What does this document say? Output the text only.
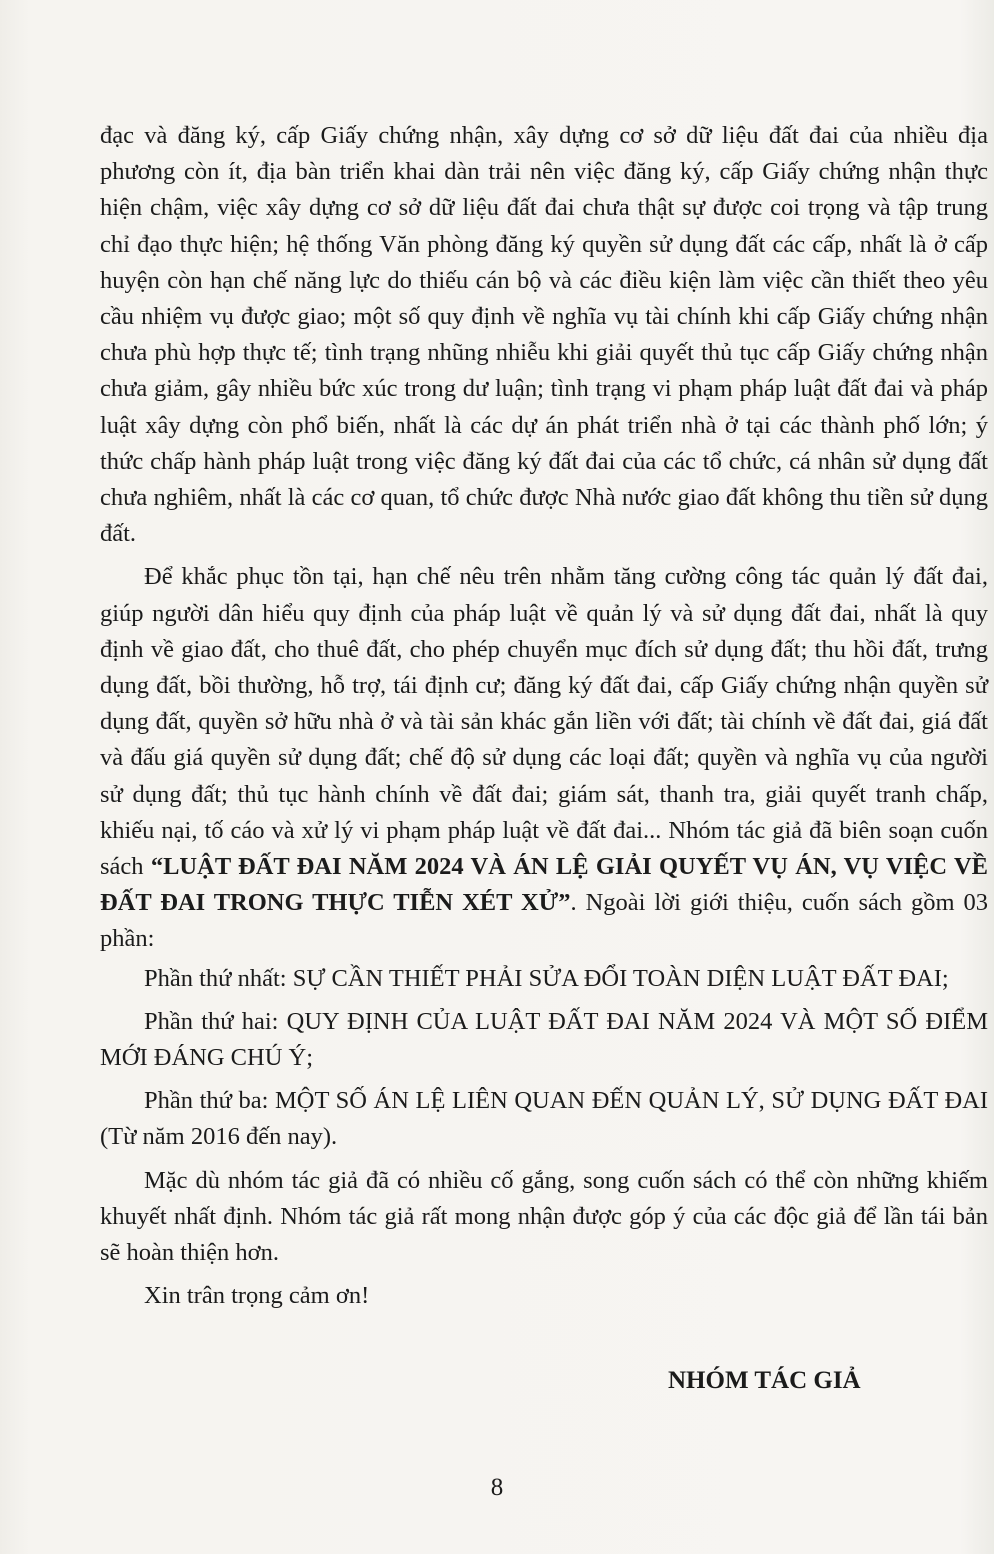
đạc và đăng ký, cấp Giấy chứng nhận, xây dựng cơ sở dữ liệu đất đai của nhiều địa phương còn ít, địa bàn triển khai dàn trải nên việc đăng ký, cấp Giấy chứng nhận thực hiện chậm, việc xây dựng cơ sở dữ liệu đất đai chưa thật sự được coi trọng và tập trung chỉ đạo thực hiện; hệ thống Văn phòng đăng ký quyền sử dụng đất các cấp, nhất là ở cấp huyện còn hạn chế năng lực do thiếu cán bộ và các điều kiện làm việc cần thiết theo yêu cầu nhiệm vụ được giao; một số quy định về nghĩa vụ tài chính khi cấp Giấy chứng nhận chưa phù hợp thực tế; tình trạng nhũng nhiễu khi giải quyết thủ tục cấp Giấy chứng nhận chưa giảm, gây nhiều bức xúc trong dư luận; tình trạng vi phạm pháp luật đất đai và pháp luật xây dựng còn phổ biến, nhất là các dự án phát triển nhà ở tại các thành phố lớn; ý thức chấp hành pháp luật trong việc đăng ký đất đai của các tổ chức, cá nhân sử dụng đất chưa nghiêm, nhất là các cơ quan, tổ chức được Nhà nước giao đất không thu tiền sử dụng đất.

Để khắc phục tồn tại, hạn chế nêu trên nhằm tăng cường công tác quản lý đất đai, giúp người dân hiểu quy định của pháp luật về quản lý và sử dụng đất đai, nhất là quy định về giao đất, cho thuê đất, cho phép chuyển mục đích sử dụng đất; thu hồi đất, trưng dụng đất, bồi thường, hỗ trợ, tái định cư; đăng ký đất đai, cấp Giấy chứng nhận quyền sử dụng đất, quyền sở hữu nhà ở và tài sản khác gắn liền với đất; tài chính về đất đai, giá đất và đấu giá quyền sử dụng đất; chế độ sử dụng các loại đất; quyền và nghĩa vụ của người sử dụng đất; thủ tục hành chính về đất đai; giám sát, thanh tra, giải quyết tranh chấp, khiếu nại, tố cáo và xử lý vi phạm pháp luật về đất đai... Nhóm tác giả đã biên soạn cuốn sách “LUẬT ĐẤT ĐAI NĂM 2024 VÀ ÁN LỆ GIẢI QUYẾT VỤ ÁN, VỤ VIỆC VỀ ĐẤT ĐAI TRONG THỰC TIỄN XÉT XỬ”. Ngoài lời giới thiệu, cuốn sách gồm 03 phần:

Phần thứ nhất: SỰ CẦN THIẾT PHẢI SỬA ĐỔI TOÀN DIỆN LUẬT ĐẤT ĐAI;

Phần thứ hai: QUY ĐỊNH CỦA LUẬT ĐẤT ĐAI NĂM 2024 VÀ MỘT SỐ ĐIỂM MỚI ĐÁNG CHÚ Ý;

Phần thứ ba: MỘT SỐ ÁN LỆ LIÊN QUAN ĐẾN QUẢN LÝ, SỬ DỤNG ĐẤT ĐAI (Từ năm 2016 đến nay).

Mặc dù nhóm tác giả đã có nhiều cố gắng, song cuốn sách có thể còn những khiếm khuyết nhất định. Nhóm tác giả rất mong nhận được góp ý của các độc giả để lần tái bản sẽ hoàn thiện hơn.

Xin trân trọng cảm ơn!

NHÓM TÁC GIẢ
8
